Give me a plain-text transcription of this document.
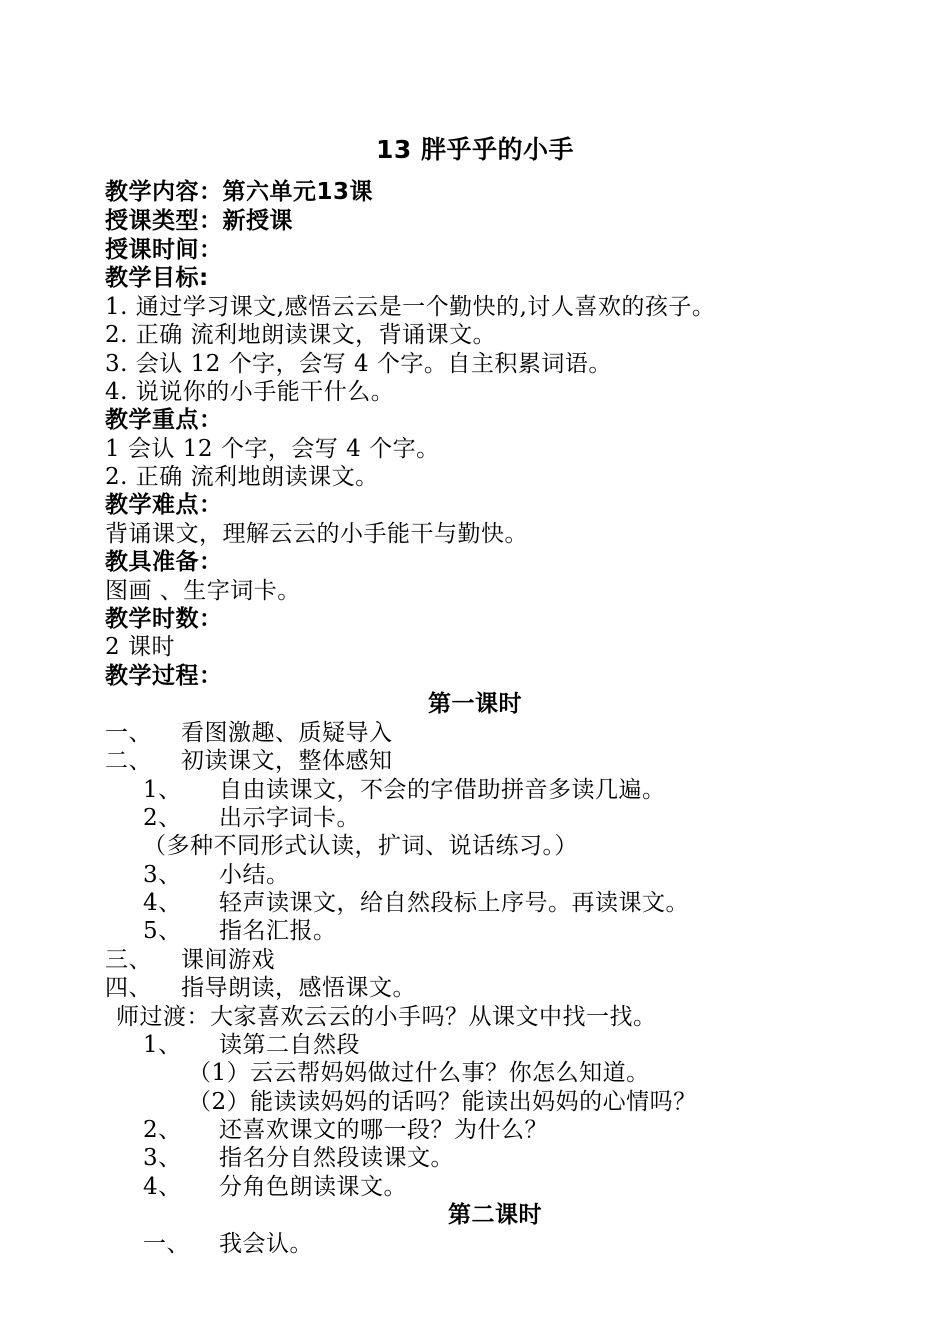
13 胖乎乎的小手
教学内容：第六单元13课
授课类型：新授课
授课时间：
教学目标:
1. 通过学习课文,感悟云云是一个勤快的,讨人喜欢的孩子。
2. 正确 流利地朗读课文，背诵课文。
3. 会认 12 个字，会写 4 个字。自主积累词语。
4. 说说你的小手能干什么。
教学重点：
1 会认 12 个字，会写 4 个字。
2. 正确 流利地朗读课文。
教学难点：
背诵课文，理解云云的小手能干与勤快。
教具准备：
图画 、生字词卡。
教学时数：
2 课时
教学过程：
第一课时
一、 看图激趣、质疑导入
二、 初读课文，整体感知
1、 自由读课文，不会的字借助拼音多读几遍。
2、 出示字词卡。
（多种不同形式认读，扩词、说话练习。）
3、 小结。
4、 轻声读课文，给自然段标上序号。再读课文。
5、 指名汇报。
三、 课间游戏
四、 指导朗读，感悟课文。
师过渡：大家喜欢云云的小手吗？从课文中找一找。
1、 读第二自然段
（1）云云帮妈妈做过什么事？你怎么知道。
（2）能读读妈妈的话吗？能读出妈妈的心情吗？
2、 还喜欢课文的哪一段？为什么？
3、 指名分自然段读课文。
4、 分角色朗读课文。
第二课时
一、 我会认。
